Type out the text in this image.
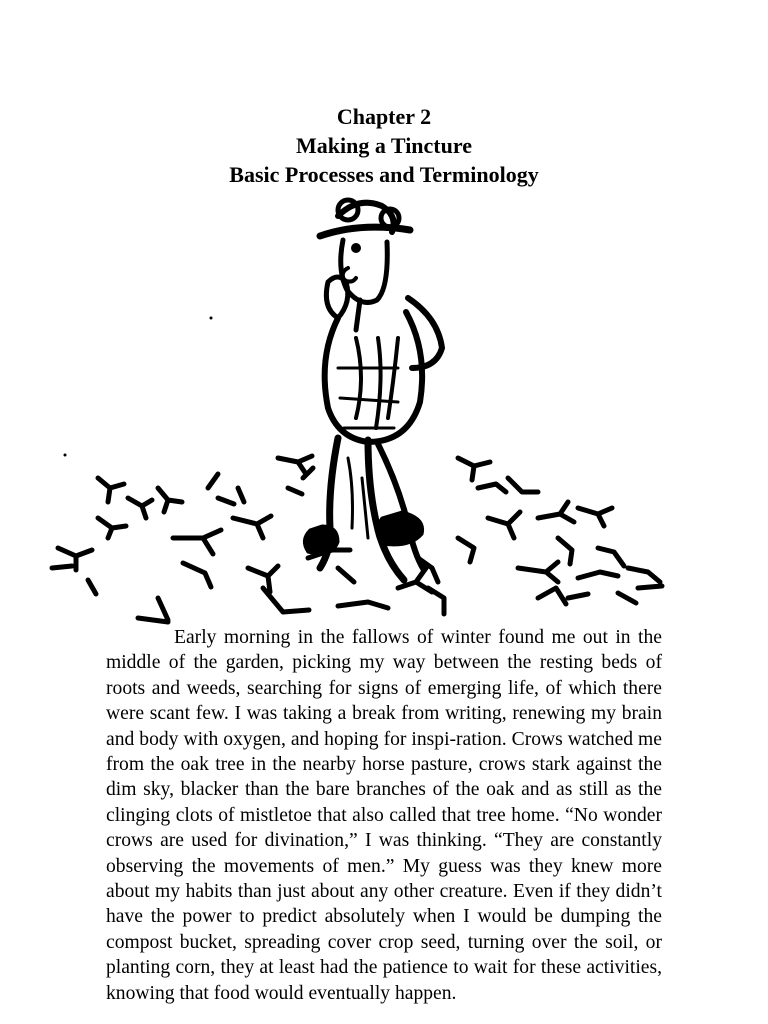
Chapter 2
Making a Tincture
Basic Processes and Terminology

Early morning in the fallows of winter found me out in the middle of the garden, picking my way between the resting beds of roots and weeds, searching for signs of emerging life, of which there were scant few. I was taking a break from writing, renewing my brain and body with oxygen, and hoping for inspi-ration. Crows watched me from the oak tree in the nearby horse pasture, crows stark against the dim sky, blacker than the bare branches of the oak and as still as the clinging clots of mistletoe that also called that tree home. “No wonder crows are used for divination,” I was thinking. “They are constantly observing the movements of men.” My guess was they knew more about my habits than just about any other creature. Even if they didn’t have the power to predict absolutely when I would be dumping the compost bucket, spreading cover crop seed, turning over the soil, or planting corn, they at least had the patience to wait for these activities, knowing that food would eventually happen.
